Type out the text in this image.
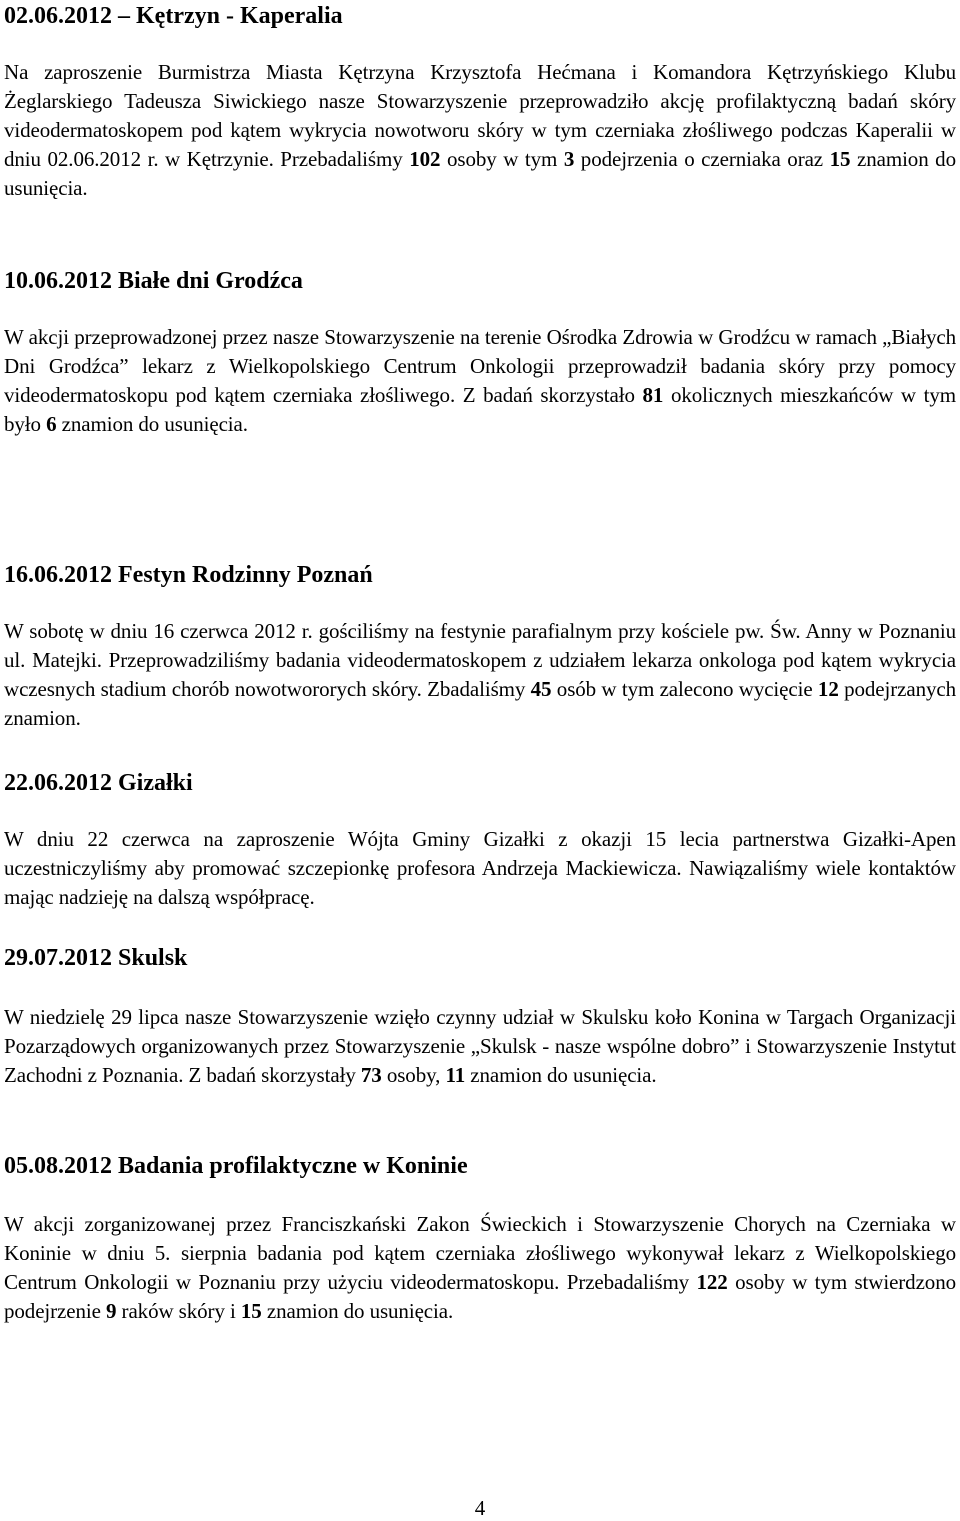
02.06.2012 – Kętrzyn - Kaperalia

Na zaproszenie Burmistrza Miasta Kętrzyna Krzysztofa Hećmana i Komandora Kętrzyńskiego Klubu Żeglarskiego Tadeusza Siwickiego nasze Stowarzyszenie przeprowadziło akcję profilaktyczną badań skóry videodermatoskopem pod kątem wykrycia nowotworu skóry w tym czerniaka złośliwego podczas Kaperalii w dniu 02.06.2012 r. w Kętrzynie. Przebadaliśmy 102 osoby w tym 3 podejrzenia o czerniaka oraz 15 znamion do usunięcia.

10.06.2012 Białe dni Grodźca

W akcji przeprowadzonej przez nasze Stowarzyszenie na terenie Ośrodka Zdrowia w Grodźcu w ramach „Białych Dni Grodźca” lekarz z Wielkopolskiego Centrum Onkologii przeprowadził badania skóry przy pomocy videodermatoskopu pod kątem czerniaka złośliwego. Z badań skorzystało 81 okolicznych mieszkańców w tym było 6 znamion do usunięcia.

16.06.2012 Festyn Rodzinny Poznań

W sobotę w dniu 16 czerwca 2012 r. gościliśmy na festynie parafialnym przy kościele pw. Św. Anny w Poznaniu ul. Matejki. Przeprowadziliśmy badania videodermatoskopem z udziałem lekarza onkologa pod kątem wykrycia wczesnych stadium chorób nowotwororych skóry. Zbadaliśmy 45 osób w tym zalecono wycięcie 12 podejrzanych znamion.

22.06.2012 Gizałki

W dniu 22 czerwca na zaproszenie Wójta Gminy Gizałki z okazji 15 lecia partnerstwa Gizałki-Apen uczestniczyliśmy aby promować szczepionkę profesora Andrzeja Mackiewicza. Nawiązaliśmy wiele kontaktów mając nadzieję na dalszą współpracę.

29.07.2012 Skulsk

W niedzielę 29 lipca nasze Stowarzyszenie wzięło czynny udział w Skulsku koło Konina w Targach Organizacji Pozarządowych organizowanych przez Stowarzyszenie „Skulsk - nasze wspólne dobro” i Stowarzyszenie Instytut Zachodni z Poznania. Z badań skorzystały 73 osoby, 11 znamion do usunięcia.

05.08.2012 Badania profilaktyczne w Koninie

W akcji zorganizowanej przez Franciszkański Zakon Świeckich i Stowarzyszenie Chorych na Czerniaka w Koninie w dniu 5. sierpnia badania pod kątem czerniaka złośliwego wykonywał lekarz z Wielkopolskiego Centrum Onkologii w Poznaniu przy użyciu videodermatoskopu. Przebadaliśmy 122 osoby w tym stwierdzono podejrzenie 9 raków skóry i 15 znamion do usunięcia.

4
